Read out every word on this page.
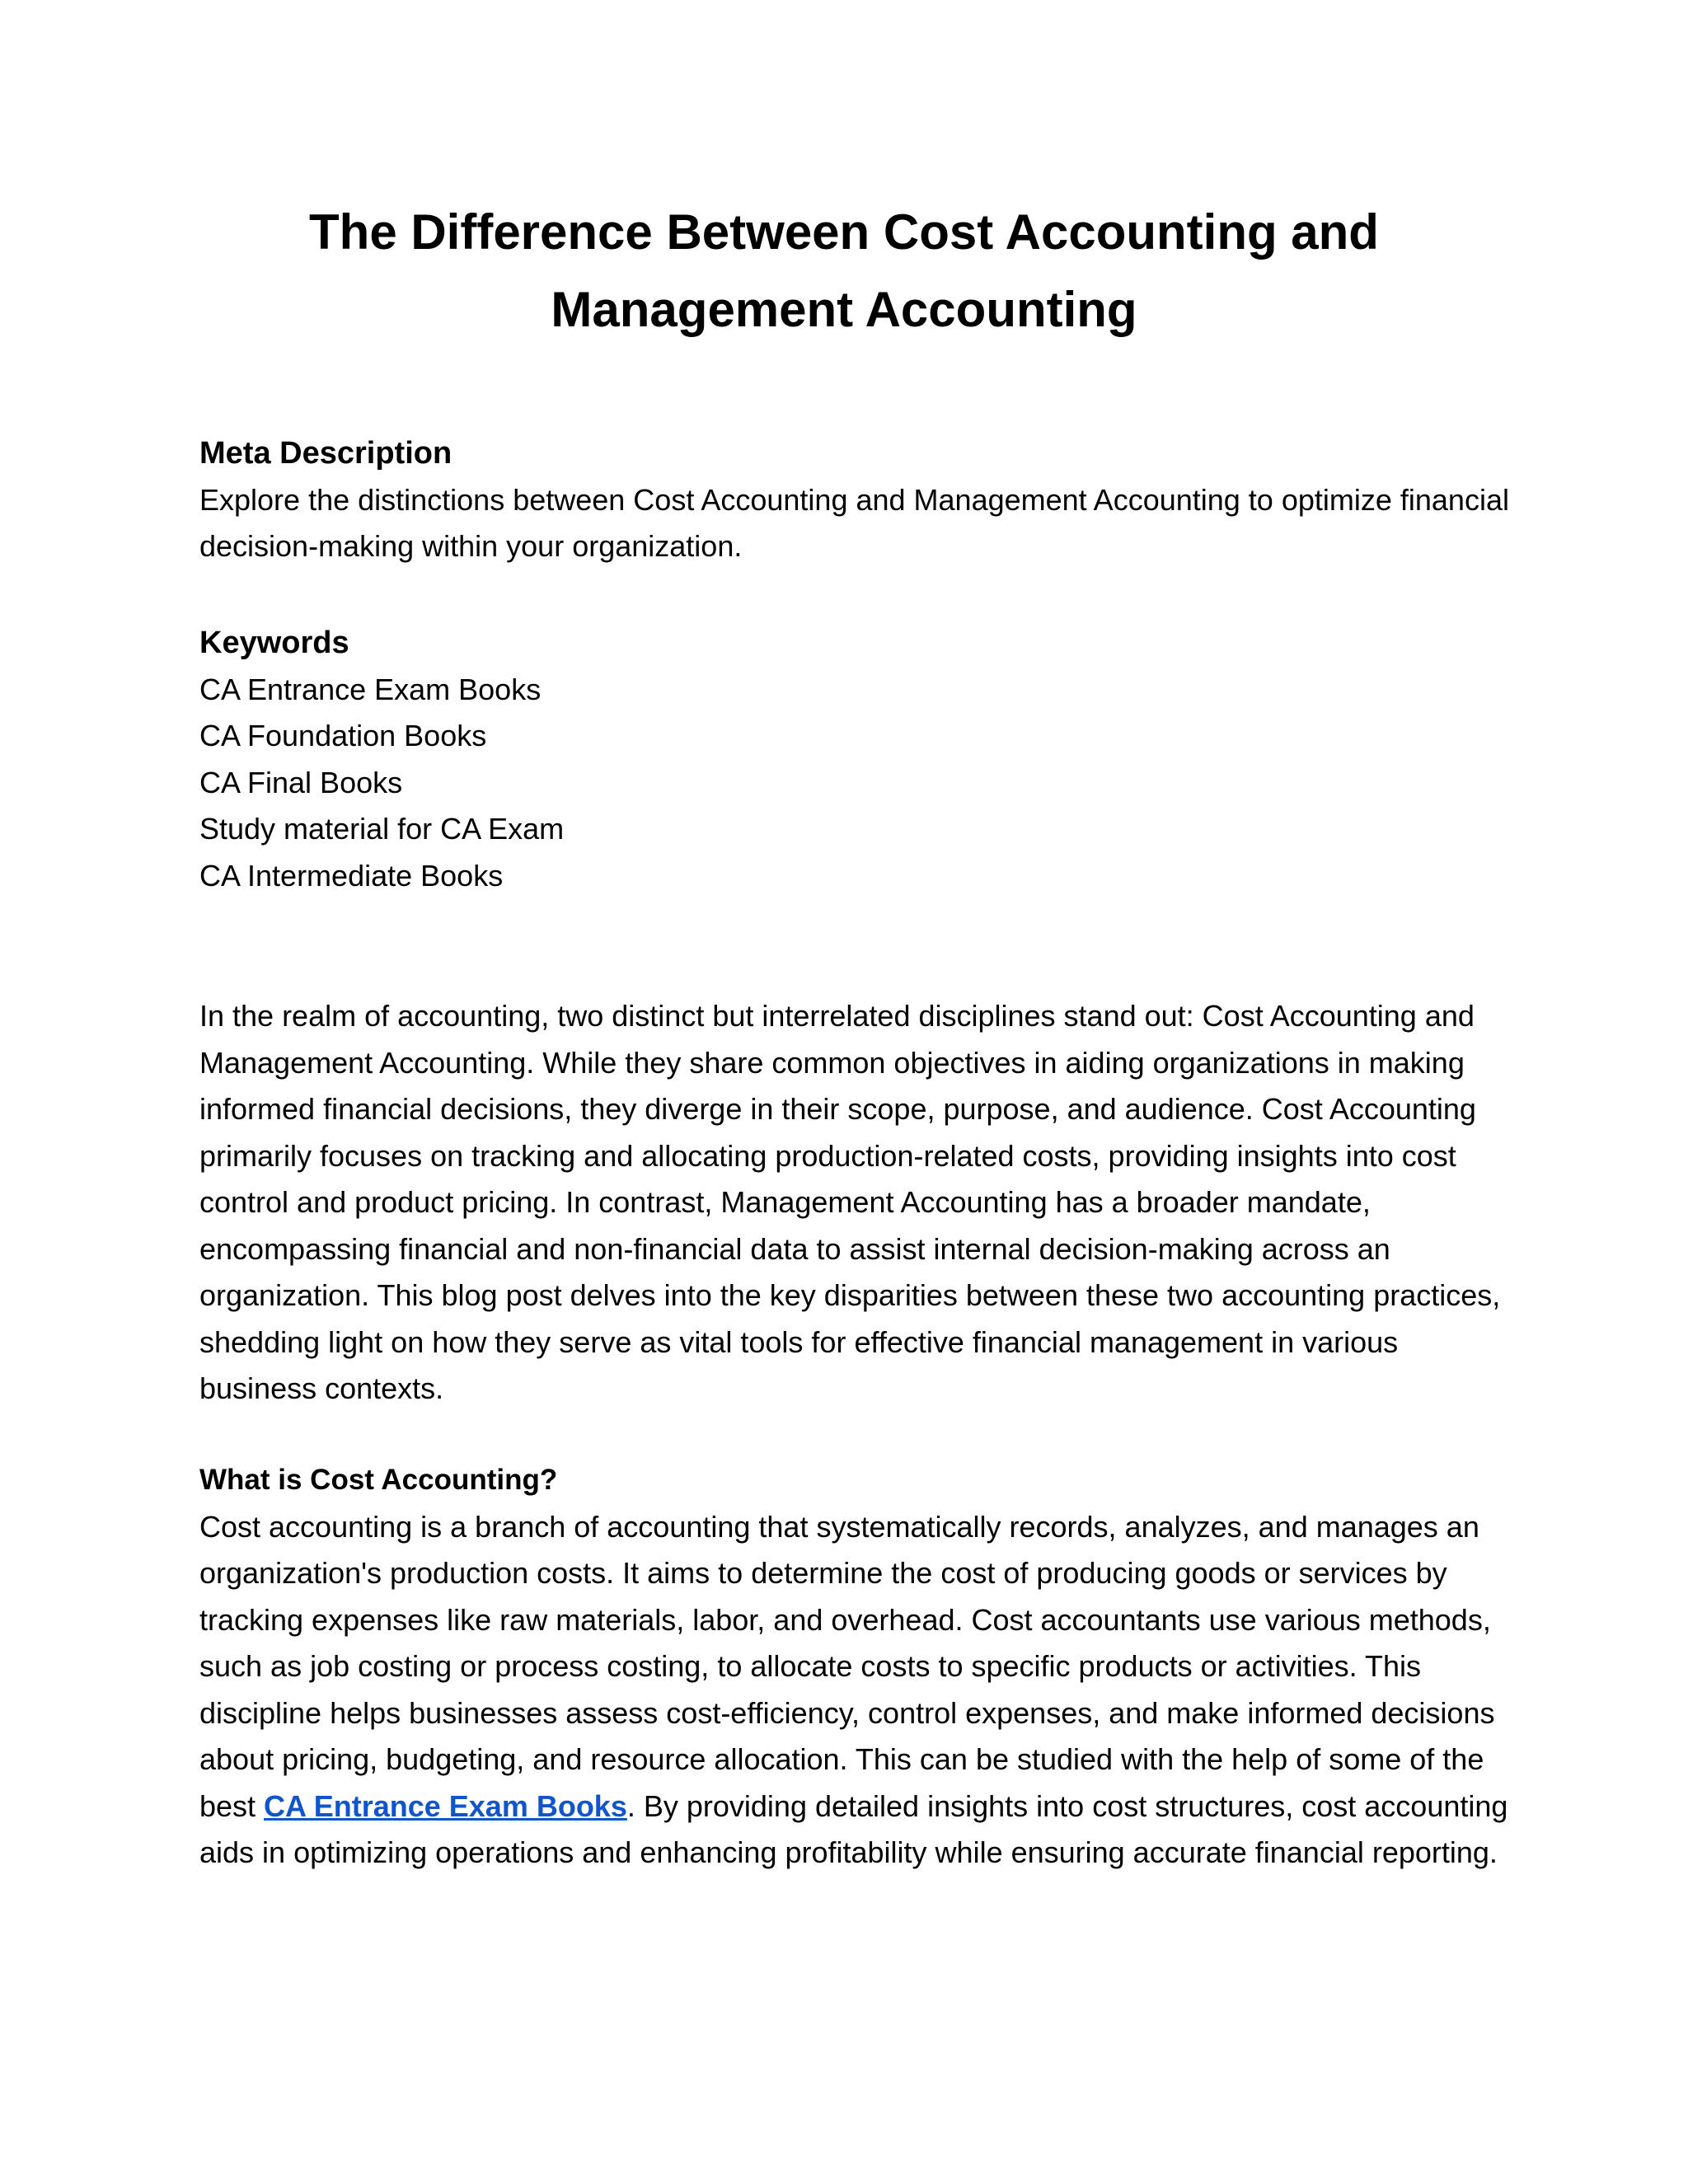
The Difference Between Cost Accounting and
Management Accounting

Meta Description

Explore the distinctions between Cost Accounting and Management Accounting to optimize financial decision-making within your organization.

Keywords

CA Entrance Exam Books
CA Foundation Books
CA Final Books
Study material for CA Exam
CA Intermediate Books

In the realm of accounting, two distinct but interrelated disciplines stand out: Cost Accounting and Management Accounting. While they share common objectives in aiding organizations in making informed financial decisions, they diverge in their scope, purpose, and audience. Cost Accounting primarily focuses on tracking and allocating production-related costs, providing insights into cost control and product pricing. In contrast, Management Accounting has a broader mandate, encompassing financial and non-financial data to assist internal decision-making across an organization. This blog post delves into the key disparities between these two accounting practices, shedding light on how they serve as vital tools for effective financial management in various business contexts.

What is Cost Accounting?

Cost accounting is a branch of accounting that systematically records, analyzes, and manages an organization's production costs. It aims to determine the cost of producing goods or services by tracking expenses like raw materials, labor, and overhead. Cost accountants use various methods, such as job costing or process costing, to allocate costs to specific products or activities. This discipline helps businesses assess cost-efficiency, control expenses, and make informed decisions about pricing, budgeting, and resource allocation. This can be studied with the help of some of the best CA Entrance Exam Books. By providing detailed insights into cost structures, cost accounting aids in optimizing operations and enhancing profitability while ensuring accurate financial reporting.
